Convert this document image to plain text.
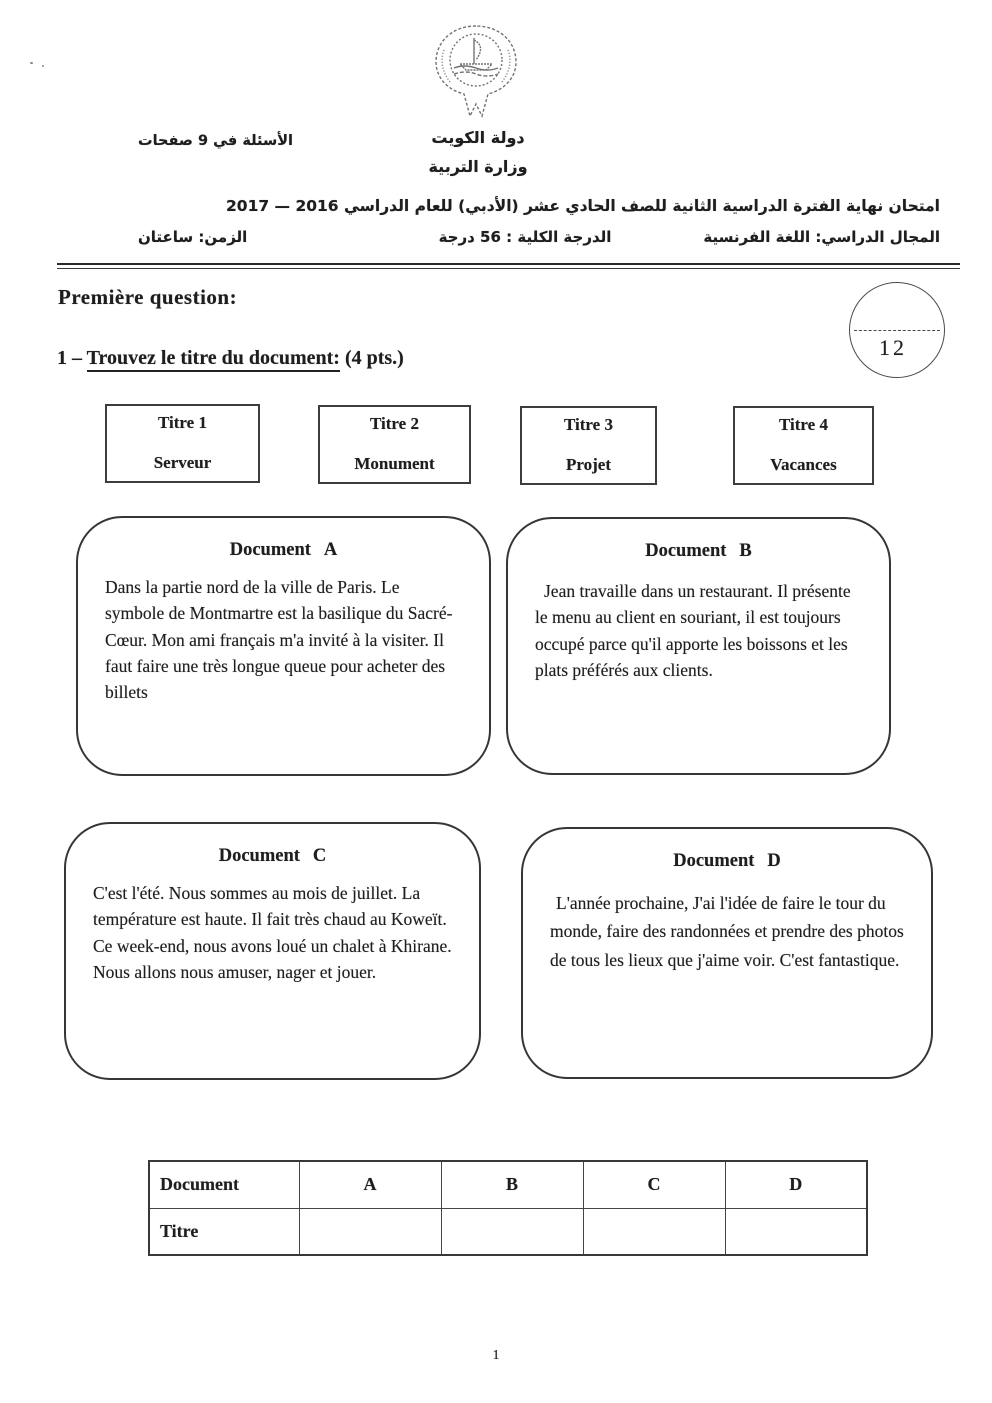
دولة الكويت
وزارة التربية
الأسئلة في 9 صفحات
امتحان نهاية الفترة الدراسية الثانية للصف الحادي عشر (الأدبي) للعام الدراسي 2016 — 2017
المجال الدراسي: اللغة الفرنسية
الدرجة الكلية : 56 درجة
الزمن: ساعتان
Première question:
12
1 – Trouvez le titre du document: (4 pts.)
Titre 1
Serveur
Titre 2
Monument
Titre 3
Projet
Titre 4
Vacances
Document A
Dans la partie nord de la ville de Paris. Le symbole de Montmartre est la basilique du Sacré-Cœur. Mon ami français m'a invité à la visiter. Il faut faire une très longue queue pour acheter des billets
Document B
Jean travaille dans un restaurant. Il présente le menu au client en souriant, il est toujours occupé parce qu'il apporte les boissons et les plats préférés aux clients.
Document C
C'est l'été. Nous sommes au mois de juillet. La température est haute. Il fait très chaud au Koweït. Ce week-end, nous avons loué un chalet à Khirane. Nous allons nous amuser, nager et jouer.
Document D
L'année prochaine, J'ai l'idée de faire le tour du monde, faire des randonnées et prendre des photos de tous les lieux que j'aime voir. C'est fantastique.
Document	A	B	C	D
Titre				
1
